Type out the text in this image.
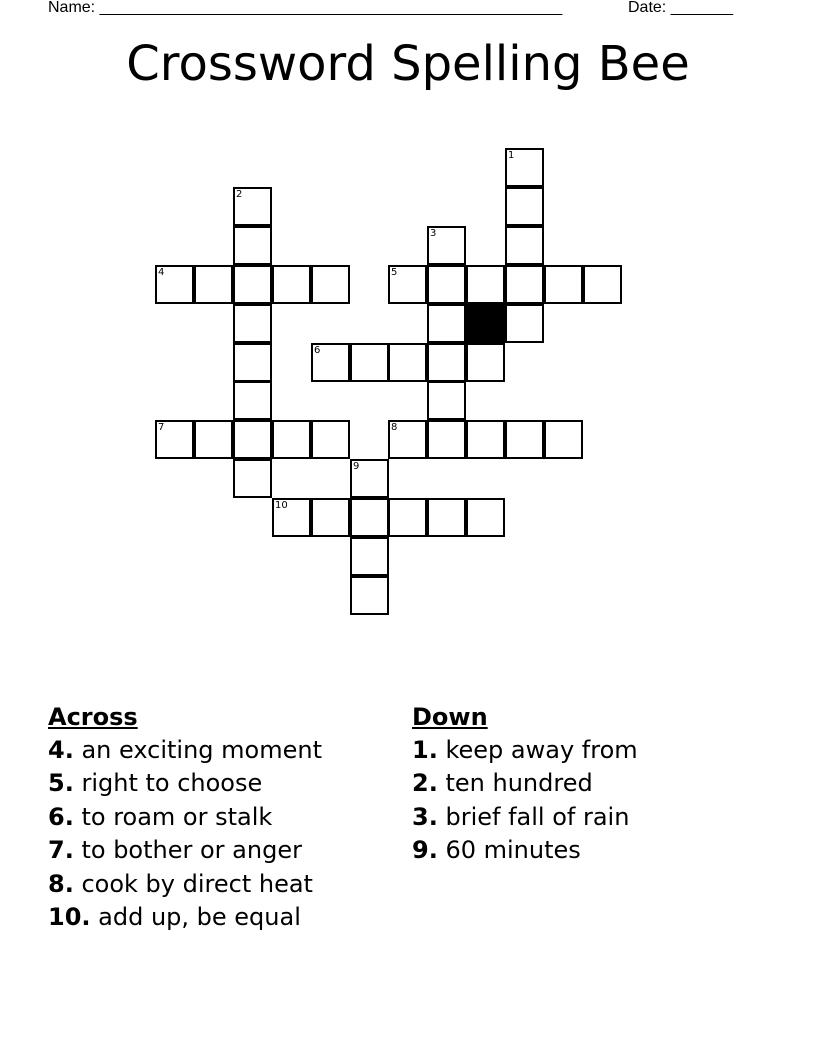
Name: ____________________________________________________	Date: _______
Crossword Spelling Bee
1
2
3
4	5
6
7	8
9
10
Across
4. an exciting moment
5. right to choose
6. to roam or stalk
7. to bother or anger
8. cook by direct heat
10. add up, be equal
Down
1. keep away from
2. ten hundred
3. brief fall of rain
9. 60 minutes
